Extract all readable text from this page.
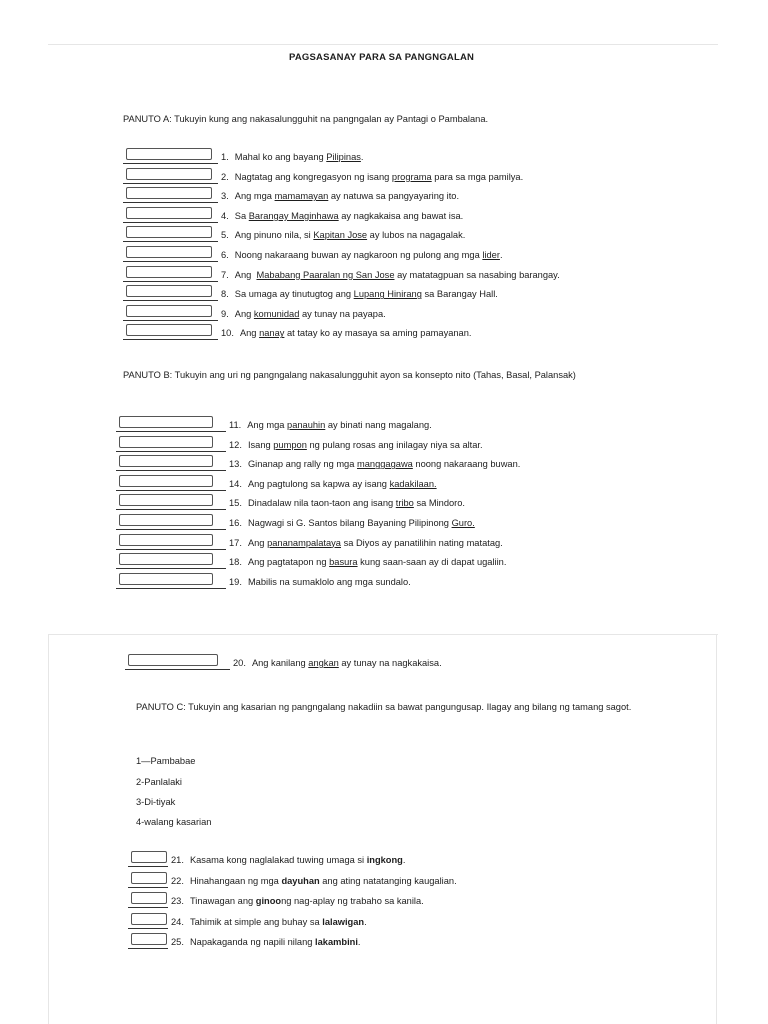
PAGSASANAY PARA SA PANGNGALAN
PANUTO A: Tukuyin kung ang nakasalungguhit na pangngalan ay Pantagi o Pambalana.
1. Mahal ko ang bayang Pilipinas .
2. Nagtatag ang kongregasyon ng isang programa para sa mga pamilya.
3. Ang mga mamamayan ay natuwa sa pangyayaring ito.
4. Sa Barangay Maginhawa ay nagkakaisa ang bawat isa.
5. Ang pinuno nila, si Kapitan Jose ay lubos na nagagalak.
6. Noong nakaraang buwan ay nagkaroon ng pulong ang mga lider .
7. Ang Mababang Paaralan ng San Jose ay matatagpuan sa nasabing barangay.
8. Sa umaga ay tinutugtog ang Lupang Hinirang sa Barangay Hall.
9. Ang komunidad ay tunay na payapa.
10. Ang nanay at tatay ko ay masaya sa aming pamayanan.
PANUTO B: Tukuyin ang uri ng pangngalang nakasalungguhit ayon sa konsepto nito (Tahas, Basal, Palansak)
11. Ang mga panauhin ay binati nang magalang.
12. Isang pumpon ng pulang rosas ang inilagay niya sa altar.
13. Ginanap ang rally ng mga manggagawa noong nakaraang buwan.
14. Ang pagtulong sa kapwa ay isang kadakilaan.
15. Dinadalaw nila taon-taon ang isang tribo sa Mindoro.
16. Nagwagi si G. Santos bilang Bayaning Pilipinong Guro.
17. Ang pananampalataya sa Diyos ay panatilihin nating matatag.
18. Ang pagtatapon ng basura kung saan-saan ay di dapat ugaliin.
19. Mabilis na sumaklolo ang mga sundalo.
20. Ang kanilang angkan ay tunay na nagkakaisa.
PANUTO C: Tukuyin ang kasarian ng pangngalang nakadiin sa bawat pangungusap. Ilagay ang bilang ng tamang sagot.
1—Pambabae
2-Panlalaki
3-Di-tiyak
4-walang kasarian
21. Kasama kong naglalakad tuwing umaga si ingkong .
22. Hinahangaan ng mga dayuhan ang ating natatanging kaugalian.
23. Tinawagan ang ginoo ng nag-aplay ng trabaho sa kanila.
24. Tahimik at simple ang buhay sa lalawigan .
25. Napakaganda ng napili nilang lakambini .
